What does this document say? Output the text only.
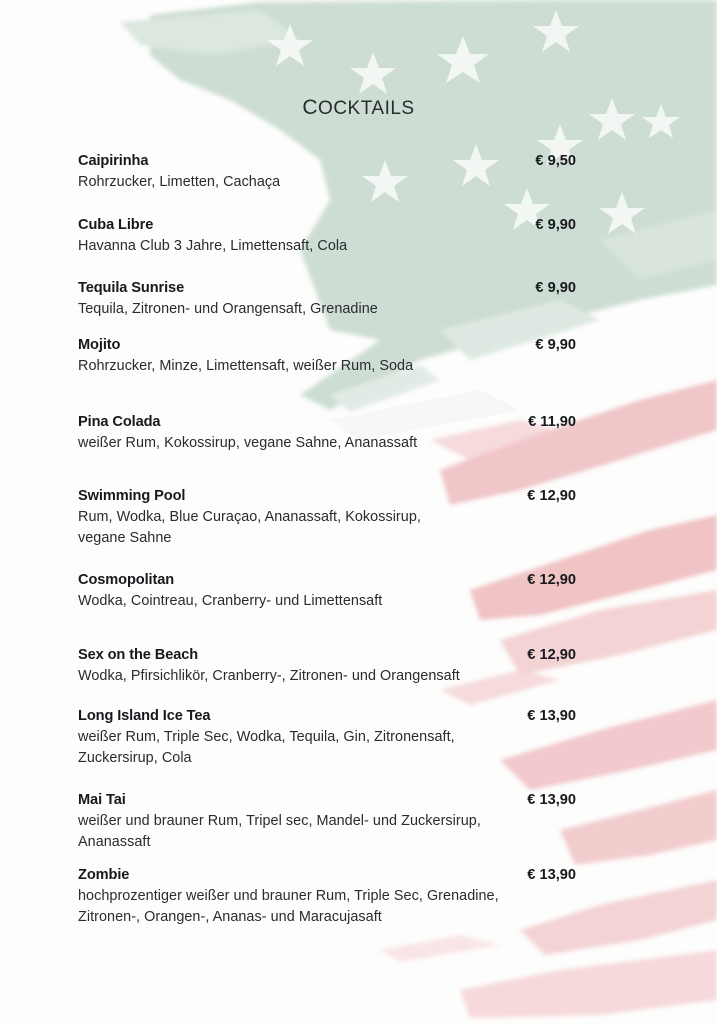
COCKTAILS
Caipirinha
Rohrzucker, Limetten, Cachaça
€ 9,50
Cuba Libre
Havanna Club 3 Jahre, Limettensaft, Cola
€ 9,90
Tequila Sunrise
Tequila, Zitronen- und Orangensaft, Grenadine
€ 9,90
Mojito
Rohrzucker, Minze, Limettensaft, weißer Rum, Soda
€ 9,90
Pina Colada
weißer Rum, Kokossirup, vegane Sahne, Ananassaft
€ 11,90
Swimming Pool
Rum, Wodka, Blue Curaçao, Ananassaft, Kokossirup,
vegane Sahne
€ 12,90
Cosmopolitan
Wodka, Cointreau, Cranberry- und Limettensaft
€ 12,90
Sex on the Beach
Wodka, Pfirsichlikör, Cranberry-, Zitronen- und Orangensaft
€ 12,90
Long Island Ice Tea
weißer Rum, Triple Sec, Wodka, Tequila, Gin, Zitronensaft,
Zuckersirup, Cola
€ 13,90
Mai Tai
weißer und brauner Rum, Tripel sec, Mandel- und Zuckersirup,
Ananassaft
€ 13,90
Zombie
hochprozentiger weißer und brauner Rum, Triple Sec, Grenadine,
Zitronen-, Orangen-, Ananas- und Maracujasaft
€ 13,90
